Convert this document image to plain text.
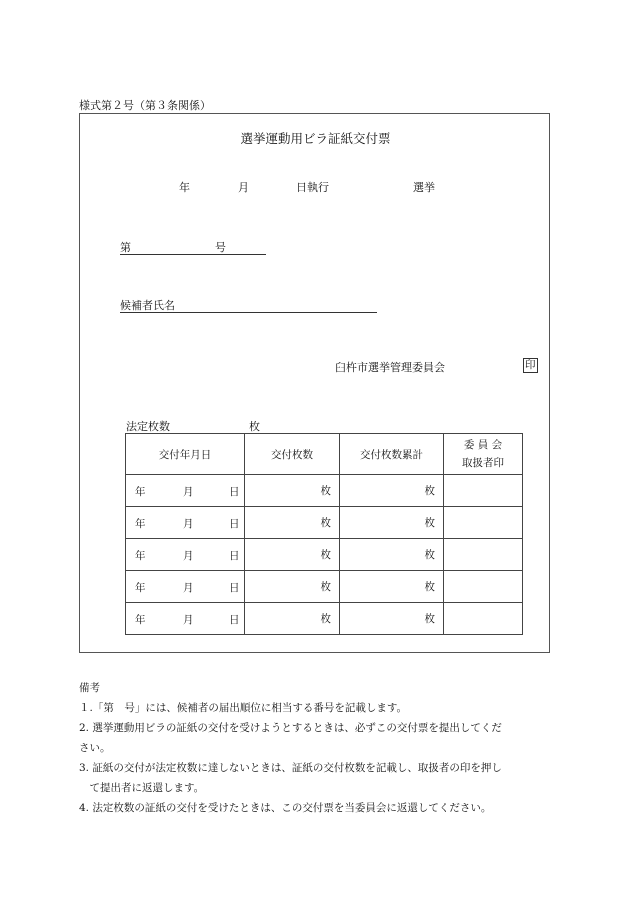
様式第２号（第３条関係）
選挙運動用ビラ証紙交付票
年	月	日執行	選挙
第	号
候補者氏名
臼杵市選挙管理委員会	印
法定枚数	枚
交付年月日	交付枚数	交付枚数累計	委 員 会
取扱者印

年 月 日	枚	枚	

年 月 日	枚	枚	

年 月 日	枚	枚	

年 月 日	枚	枚	

年 月 日	枚	枚	

備考

１.「第　号」には、候補者の届出順位に相当する番号を記載します。

2. 選挙運動用ビラの証紙の交付を受けようとするときは、必ずこの交付票を提出してくだ

さい。

3. 証紙の交付が法定枚数に達しないときは、証紙の交付枚数を記載し、取扱者の印を押し

　て提出者に返還します。

4. 法定枚数の証紙の交付を受けたときは、この交付票を当委員会に返還してください。
